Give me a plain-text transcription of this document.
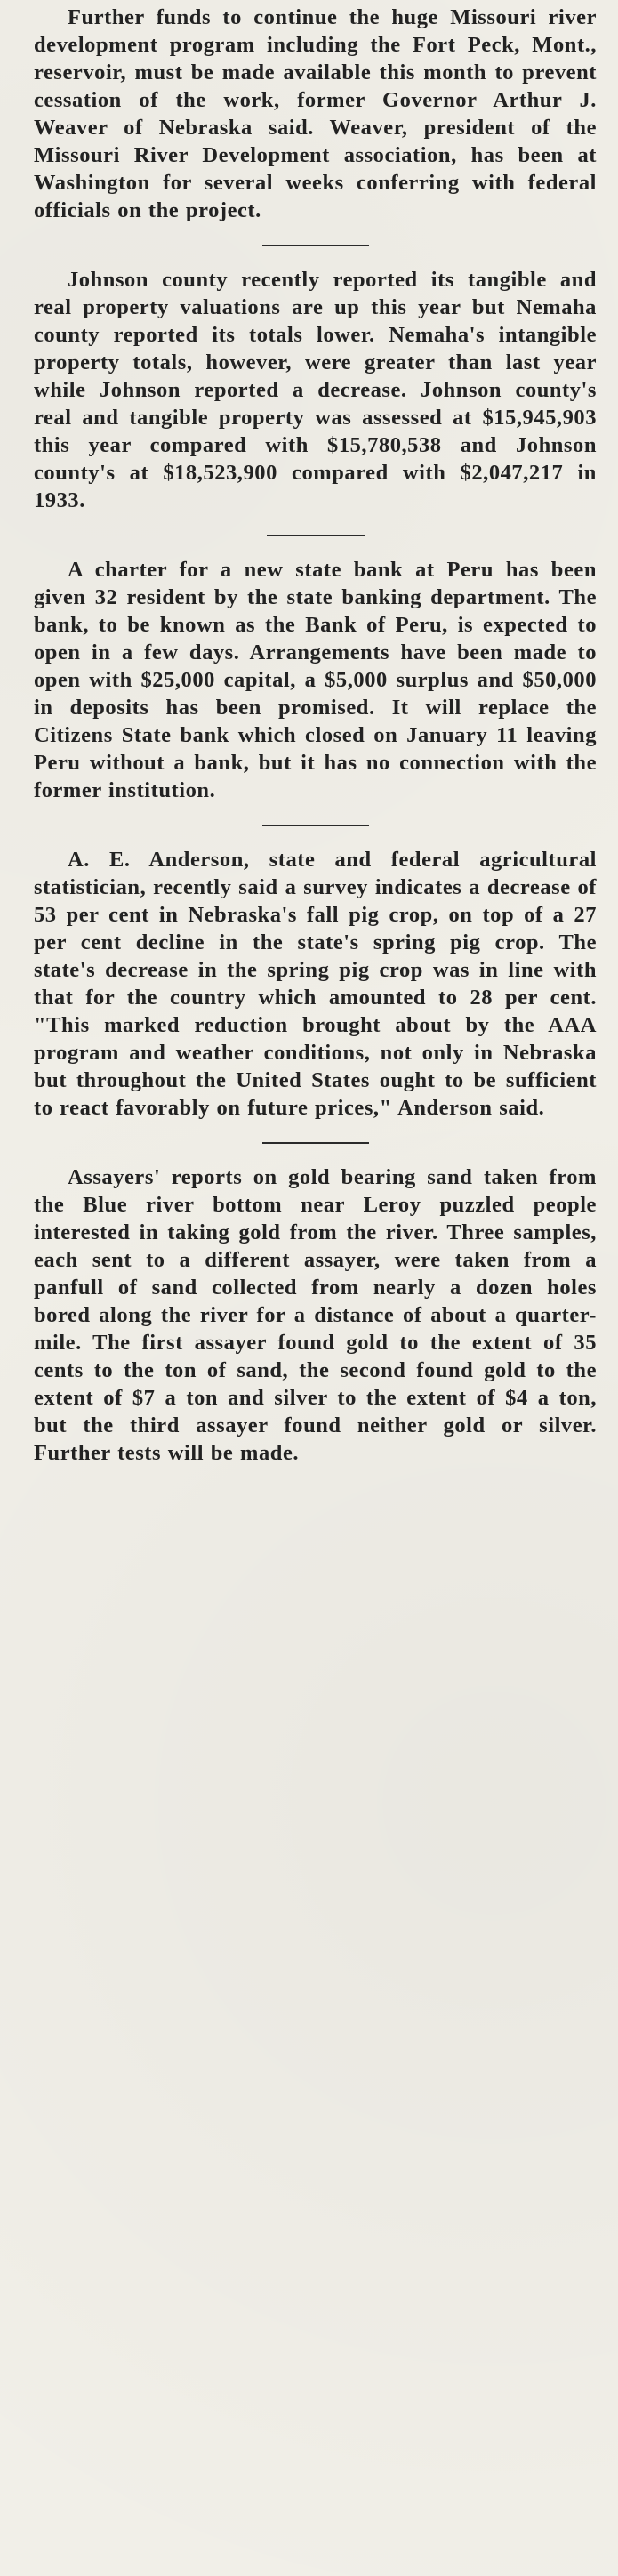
Further funds to continue the huge Missouri river development program including the Fort Peck, Mont., reservoir, must be made available this month to prevent cessation of the work, former Governor Arthur J. Weaver of Nebraska said. Weaver, president of the Missouri River Development association, has been at Washington for several weeks conferring with federal officials on the project.

Johnson county recently reported its tangible and real property valuations are up this year but Nemaha county reported its totals lower. Nemaha's intangible property totals, however, were greater than last year while Johnson reported a decrease. Johnson county's real and tangible property was assessed at $15,945,903 this year compared with $15,780,538 and Johnson county's at $18,523,900 compared with $2,047,217 in 1933.

A charter for a new state bank at Peru has been given 32 resident by the state banking department. The bank, to be known as the Bank of Peru, is expected to open in a few days. Arrangements have been made to open with $25,000 capital, a $5,000 surplus and $50,000 in deposits has been promised. It will replace the Citizens State bank which closed on January 11 leaving Peru without a bank, but it has no connection with the former institution.

A. E. Anderson, state and federal agricultural statistician, recently said a survey indicates a decrease of 53 per cent in Nebraska's fall pig crop, on top of a 27 per cent decline in the state's spring pig crop. The state's decrease in the spring pig crop was in line with that for the country which amounted to 28 per cent. "This marked reduction brought about by the AAA program and weather conditions, not only in Nebraska but throughout the United States ought to be sufficient to react favorably on future prices," Anderson said.

Assayers' reports on gold bearing sand taken from the Blue river bottom near Leroy puzzled people interested in taking gold from the river. Three samples, each sent to a different assayer, were taken from a panfull of sand collected from nearly a dozen holes bored along the river for a distance of about a quarter-mile. The first assayer found gold to the extent of 35 cents to the ton of sand, the second found gold to the extent of $7 a ton and silver to the extent of $4 a ton, but the third assayer found neither gold or silver. Further tests will be made.
